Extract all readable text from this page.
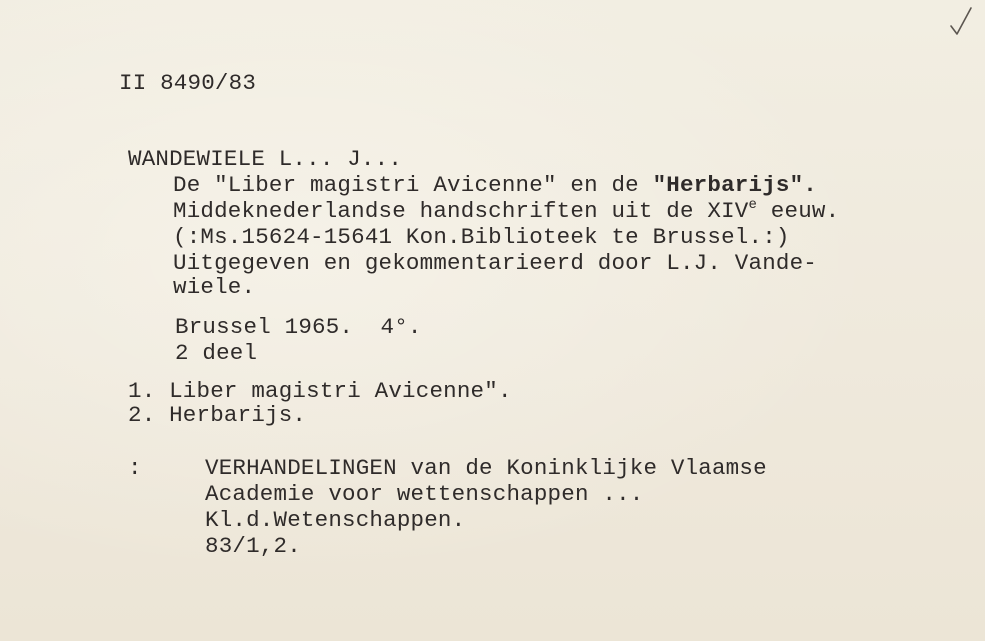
II 8490/83
WANDEWIELE L... J...
De "Liber magistri Avicenne" en de "Herbarijs".
Middeknederlandse handschriften uit de XIVe eeuw.
(:Ms.15624-15641 Kon.Biblioteek te Brussel.:)
Uitgegeven en gekommentarieerd door L.J. Vande-
wiele.
Brussel 1965.  4°.
2 deel
1. Liber magistri Avicenne".
2. Herbarijs.
:	VERHANDELINGEN van de Koninklijke Vlaamse
Academie voor wettenschappen ...
Kl.d.Wetenschappen.
83/1,2.
